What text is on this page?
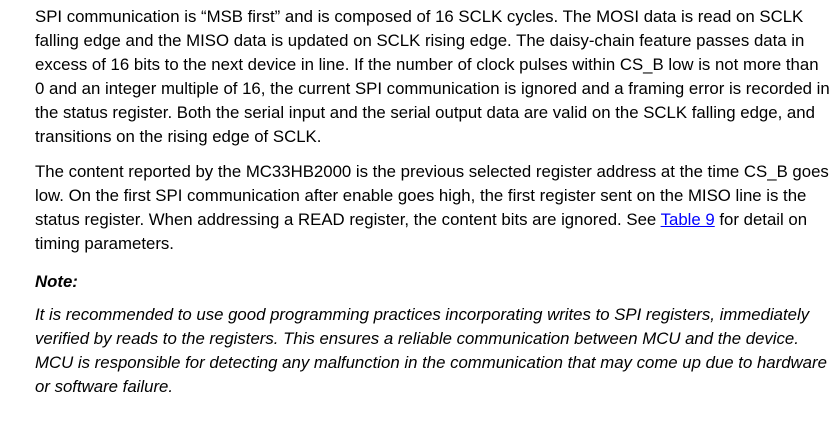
SPI communication is “MSB first” and is composed of 16 SCLK cycles. The MOSI data is read on SCLK falling edge and the MISO data is updated on SCLK rising edge. The daisy-chain feature passes data in excess of 16 bits to the next device in line. If the number of clock pulses within CS_B low is not more than 0 and an integer multiple of 16, the current SPI communication is ignored and a framing error is recorded in the status register. Both the serial input and the serial output data are valid on the SCLK falling edge, and transitions on the rising edge of SCLK.

The content reported by the MC33HB2000 is the previous selected register address at the time CS_B goes low. On the first SPI communication after enable goes high, the first register sent on the MISO line is the status register. When addressing a READ register, the content bits are ignored. See Table 9 for detail on timing parameters.

Note:

It is recommended to use good programming practices incorporating writes to SPI registers, immediately verified by reads to the registers. This ensures a reliable communication between MCU and the device. MCU is responsible for detecting any malfunction in the communication that may come up due to hardware or software failure.
